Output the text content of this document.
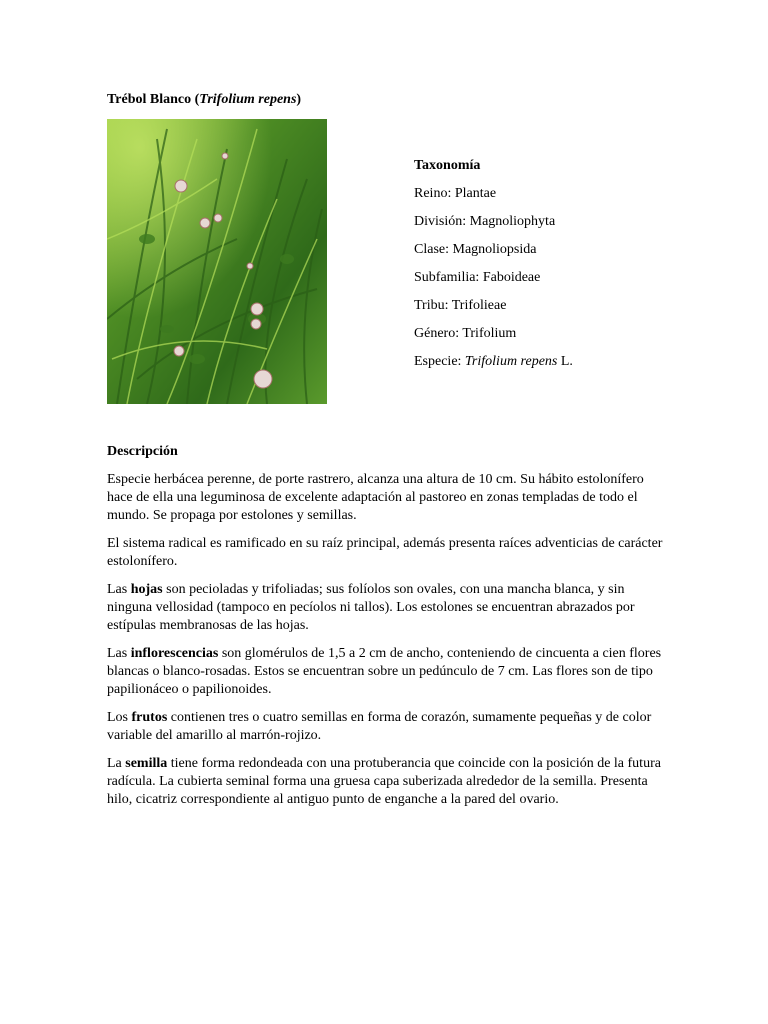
Trébol Blanco (Trifolium repens)
Taxonomía
Reino: Plantae
División: Magnoliophyta
Clase: Magnoliopsida
Subfamilia: Faboideae
Tribu: Trifolieae
Género: Trifolium
Especie: Trifolium repens L.
Descripción

Especie herbácea perenne, de porte rastrero, alcanza una altura de 10 cm. Su hábito estolonífero hace de ella una leguminosa de excelente adaptación al pastoreo en zonas templadas de todo el mundo. Se propaga por estolones y semillas.

El sistema radical es ramificado en su raíz principal, además presenta raíces adventicias de carácter estolonífero.

Las hojas son pecioladas y trifoliadas; sus folíolos son ovales, con una mancha blanca, y sin ninguna vellosidad (tampoco en pecíolos ni tallos). Los estolones se encuentran abrazados por estípulas membranosas de las hojas.

Las inflorescencias son glomérulos de 1,5 a 2 cm de ancho, conteniendo de cincuenta a cien flores blancas o blanco-rosadas. Estos se encuentran sobre un pedúnculo de 7 cm. Las flores son de tipo papilionáceo o papilionoides.

Los frutos contienen tres o cuatro semillas en forma de corazón, sumamente pequeñas y de color variable del amarillo al marrón-rojizo.

La semilla tiene forma redondeada con una protuberancia que coincide con la posición de la futura radícula. La cubierta seminal forma una gruesa capa suberizada alrededor de la semilla. Presenta hilo, cicatriz correspondiente al antiguo punto de enganche a la pared del ovario.
